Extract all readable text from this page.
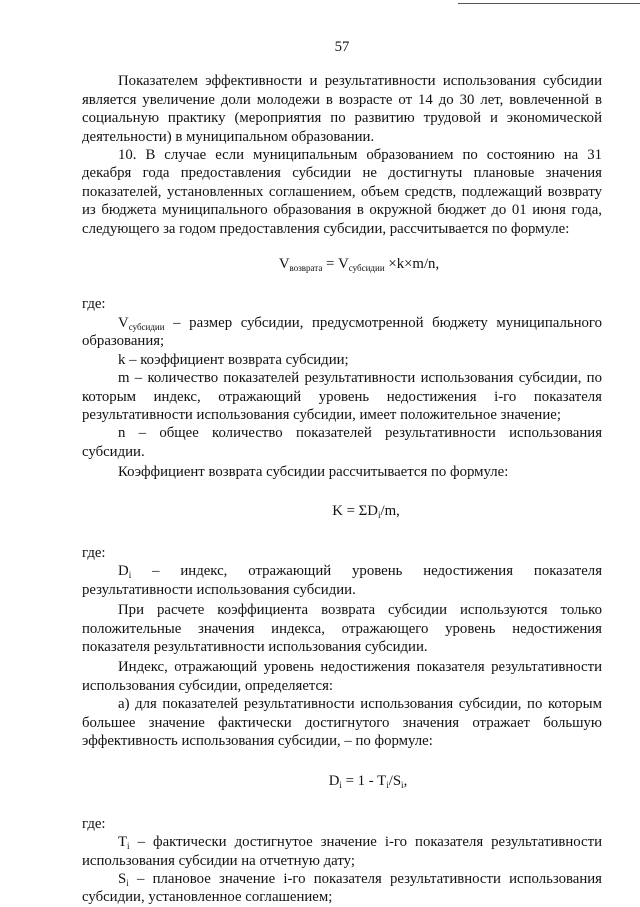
57

Показателем эффективности и результативности использования субсидии является увеличение доли молодежи в возрасте от 14 до 30 лет, вовлеченной в социальную практику (мероприятия по развитию трудовой и экономической деятельности) в муниципальном образовании.

10. В случае если муниципальным образованием по состоянию на 31 декабря года предоставления субсидии не достигнуты плановые значения показателей, установленных соглашением, объем средств, подлежащий возврату из бюджета муниципального образования в окружной бюджет до 01 июня года, следующего за годом предоставления субсидии, рассчитывается по формуле:

$V_{возврата} = V_{субсидии} \times k\times m/n$,

где:

$V_{субсидии}$ – размер субсидии, предусмотренной бюджету муниципального образования;

k – коэффициент возврата субсидии;

m – количество показателей результативности использования субсидии, по которым индекс, отражающий уровень недостижения i-го показателя результативности использования субсидии, имеет положительное значение;

n – общее количество показателей результативности использования субсидии.

Коэффициент возврата субсидии рассчитывается по формуле:

$K = \Sigma D_i/m$,

где:

$D_i$ – индекс, отражающий уровень недостижения показателя результативности использования субсидии.

При расчете коэффициента возврата субсидии используются только положительные значения индекса, отражающего уровень недостижения показателя результативности использования субсидии.

Индекс, отражающий уровень недостижения показателя результативности использования субсидии, определяется:

а) для показателей результативности использования субсидии, по которым большее значение фактически достигнутого значения отражает большую эффективность использования субсидии, – по формуле:

$D_i = 1 - T_i/S_i$,

где:

$T_i$ – фактически достигнутое значение i-го показателя результативности использования субсидии на отчетную дату;

$S_i$ – плановое значение i-го показателя результативности использования субсидии, установленное соглашением;
